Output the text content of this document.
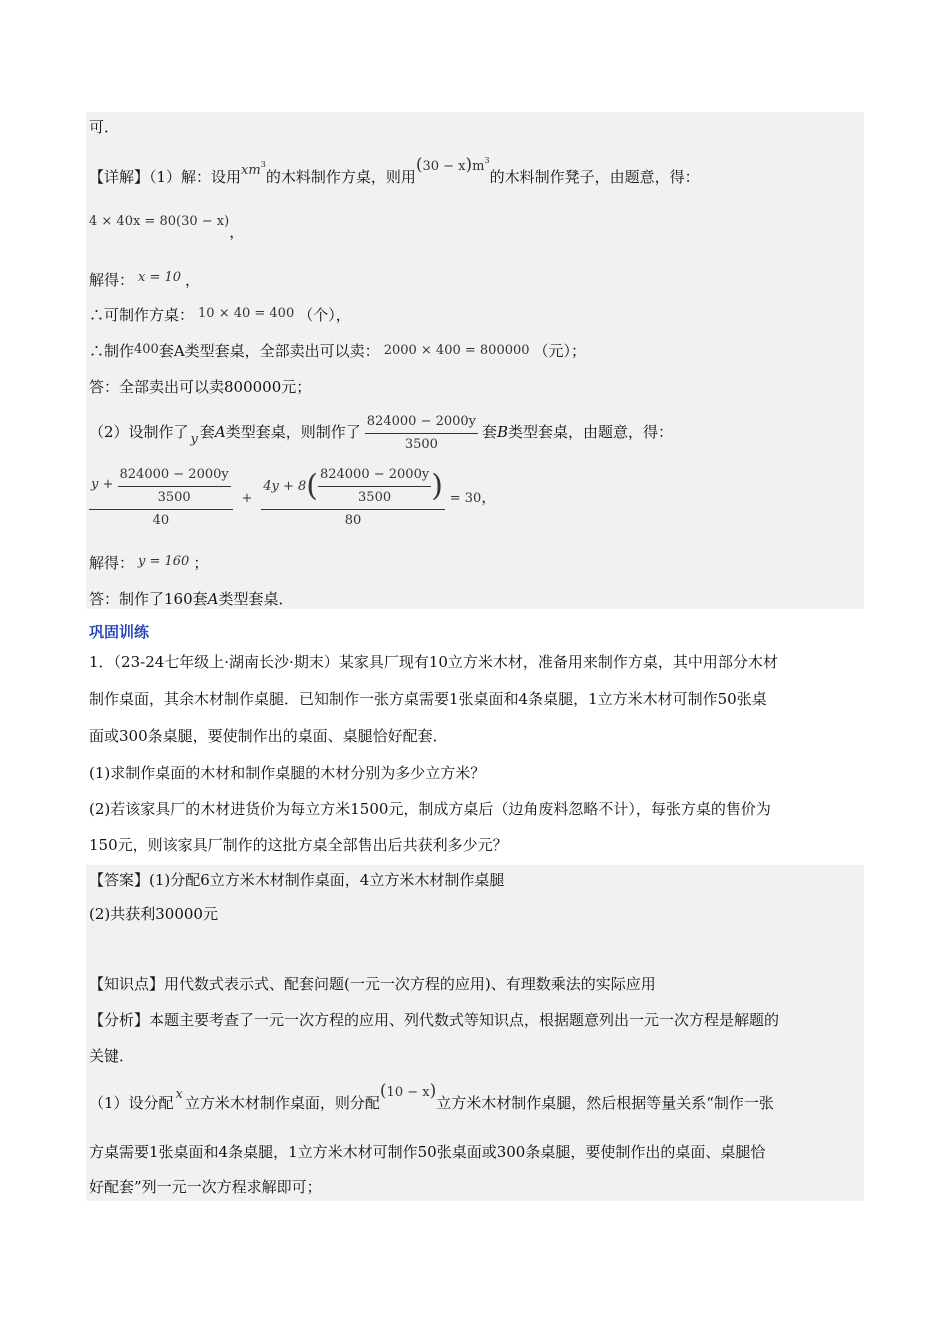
可．
【详解】（1）解：设用$xm^3$的木料制作方桌，则用$(30 - x)m^3$的木料制作凳子，由题意，得：
4 × 40x = 80(30 − x)，
解得： x = 10 ，
∴可制作方桌： 10 × 40 = 400 （个），
∴制作400套A类型套桌，全部卖出可以卖： 2000 × 400 = 800000 （元）；
答：全部卖出可以卖800000元；
（2）设制作了 y 套A类型套桌，则制作了 $\frac{824000 - 2000y}{3500}$ 套B类型套桌，由题意，得：
$\frac{y + \frac{824000 - 2000y}{3500}}{40} + \frac{4y + 8( \frac{824000 - 2000y}{3500} )}{80} = 30$，
解得： y = 160 ；
答：制作了160套A类型套桌．
巩固训练
1．（23-24七年级上·湖南长沙·期末）某家具厂现有10立方米木材，准备用来制作方桌，其中用部分木材
制作桌面，其余木材制作桌腿．已知制作一张方桌需要1张桌面和4条桌腿，1立方米木材可制作50张桌
面或300条桌腿，要使制作出的桌面、桌腿恰好配套．
(1)求制作桌面的木材和制作桌腿的木材分别为多少立方米？
(2)若该家具厂的木材进货价为每立方米1500元，制成方桌后（边角废料忽略不计），每张方桌的售价为
150元，则该家具厂制作的这批方桌全部售出后共获利多少元？
【答案】(1)分配6立方米木材制作桌面，4立方米木材制作桌腿
(2)共获利30000元
【知识点】用代数式表示式、配套问题(一元一次方程的应用)、有理数乘法的实际应用
【分析】本题主要考查了一元一次方程的应用、列代数式等知识点，根据题意列出一元一次方程是解题的
关键．
（1）设分配 x 立方米木材制作桌面，则分配(10 − x)立方米木材制作桌腿，然后根据等量关系“制作一张
方桌需要1张桌面和4条桌腿，1立方米木材可制作50张桌面或300条桌腿，要使制作出的桌面、桌腿恰
好配套”列一元一次方程求解即可；
